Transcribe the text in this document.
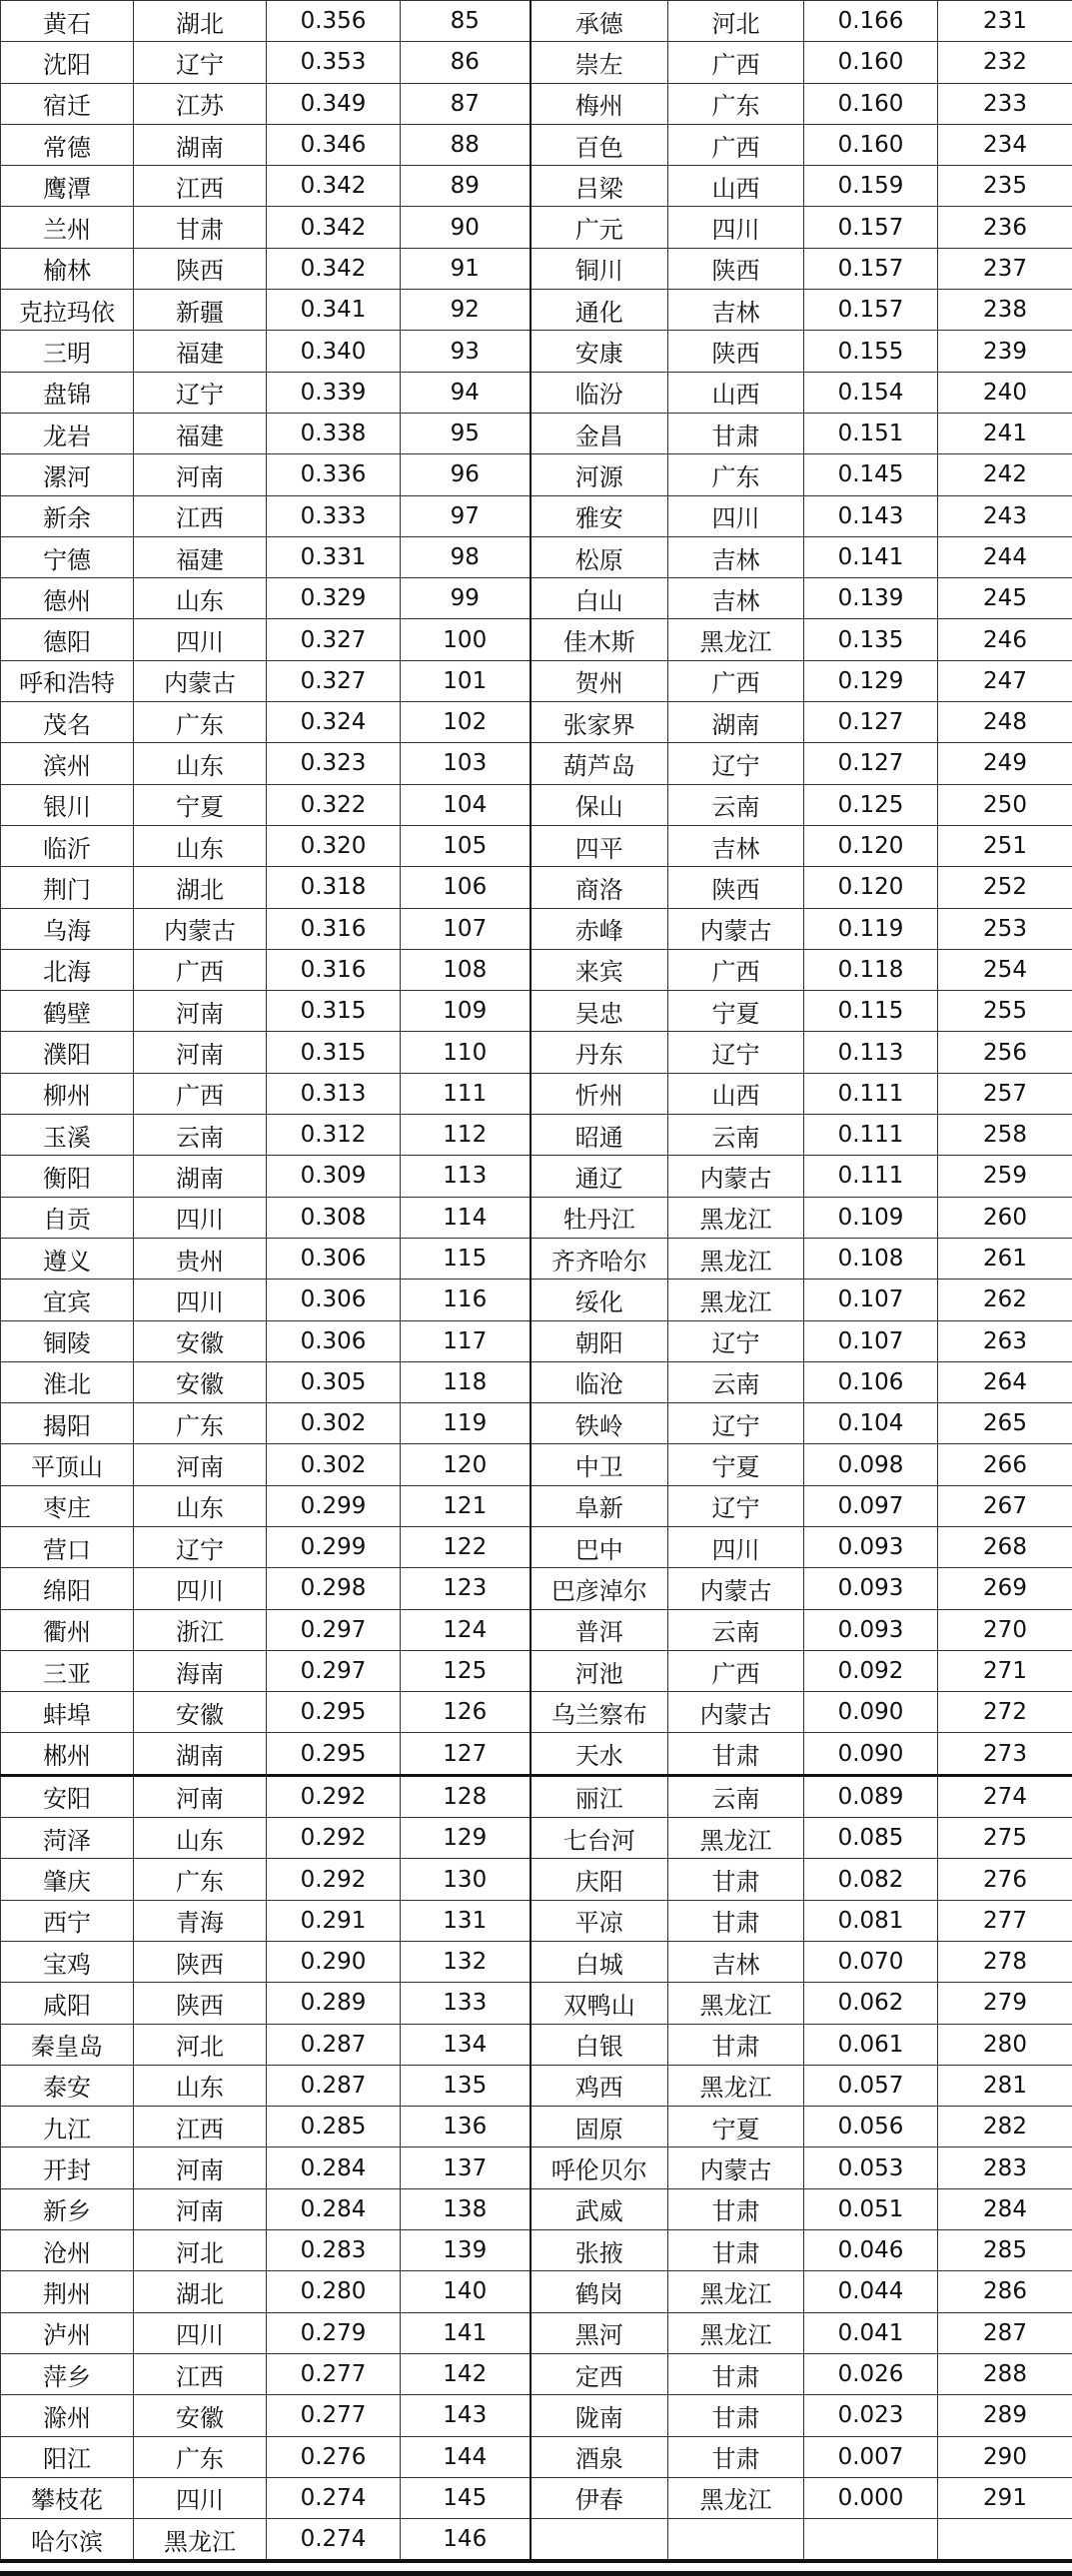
黄石	湖北	0.356	85	承德	河北	0.166	231
沈阳	辽宁	0.353	86	崇左	广西	0.160	232
宿迁	江苏	0.349	87	梅州	广东	0.160	233
常德	湖南	0.346	88	百色	广西	0.160	234
鹰潭	江西	0.342	89	吕梁	山西	0.159	235
兰州	甘肃	0.342	90	广元	四川	0.157	236
榆林	陕西	0.342	91	铜川	陕西	0.157	237
克拉玛依	新疆	0.341	92	通化	吉林	0.157	238
三明	福建	0.340	93	安康	陕西	0.155	239
盘锦	辽宁	0.339	94	临汾	山西	0.154	240
龙岩	福建	0.338	95	金昌	甘肃	0.151	241
漯河	河南	0.336	96	河源	广东	0.145	242
新余	江西	0.333	97	雅安	四川	0.143	243
宁德	福建	0.331	98	松原	吉林	0.141	244
德州	山东	0.329	99	白山	吉林	0.139	245
德阳	四川	0.327	100	佳木斯	黑龙江	0.135	246
呼和浩特	内蒙古	0.327	101	贺州	广西	0.129	247
茂名	广东	0.324	102	张家界	湖南	0.127	248
滨州	山东	0.323	103	葫芦岛	辽宁	0.127	249
银川	宁夏	0.322	104	保山	云南	0.125	250
临沂	山东	0.320	105	四平	吉林	0.120	251
荆门	湖北	0.318	106	商洛	陕西	0.120	252
乌海	内蒙古	0.316	107	赤峰	内蒙古	0.119	253
北海	广西	0.316	108	来宾	广西	0.118	254
鹤壁	河南	0.315	109	吴忠	宁夏	0.115	255
濮阳	河南	0.315	110	丹东	辽宁	0.113	256
柳州	广西	0.313	111	忻州	山西	0.111	257
玉溪	云南	0.312	112	昭通	云南	0.111	258
衡阳	湖南	0.309	113	通辽	内蒙古	0.111	259
自贡	四川	0.308	114	牡丹江	黑龙江	0.109	260
遵义	贵州	0.306	115	齐齐哈尔	黑龙江	0.108	261
宜宾	四川	0.306	116	绥化	黑龙江	0.107	262
铜陵	安徽	0.306	117	朝阳	辽宁	0.107	263
淮北	安徽	0.305	118	临沧	云南	0.106	264
揭阳	广东	0.302	119	铁岭	辽宁	0.104	265
平顶山	河南	0.302	120	中卫	宁夏	0.098	266
枣庄	山东	0.299	121	阜新	辽宁	0.097	267
营口	辽宁	0.299	122	巴中	四川	0.093	268
绵阳	四川	0.298	123	巴彦淖尔	内蒙古	0.093	269
衢州	浙江	0.297	124	普洱	云南	0.093	270
三亚	海南	0.297	125	河池	广西	0.092	271
蚌埠	安徽	0.295	126	乌兰察布	内蒙古	0.090	272
郴州	湖南	0.295	127	天水	甘肃	0.090	273
安阳	河南	0.292	128	丽江	云南	0.089	274
菏泽	山东	0.292	129	七台河	黑龙江	0.085	275
肇庆	广东	0.292	130	庆阳	甘肃	0.082	276
西宁	青海	0.291	131	平凉	甘肃	0.081	277
宝鸡	陕西	0.290	132	白城	吉林	0.070	278
咸阳	陕西	0.289	133	双鸭山	黑龙江	0.062	279
秦皇岛	河北	0.287	134	白银	甘肃	0.061	280
泰安	山东	0.287	135	鸡西	黑龙江	0.057	281
九江	江西	0.285	136	固原	宁夏	0.056	282
开封	河南	0.284	137	呼伦贝尔	内蒙古	0.053	283
新乡	河南	0.284	138	武威	甘肃	0.051	284
沧州	河北	0.283	139	张掖	甘肃	0.046	285
荆州	湖北	0.280	140	鹤岗	黑龙江	0.044	286
泸州	四川	0.279	141	黑河	黑龙江	0.041	287
萍乡	江西	0.277	142	定西	甘肃	0.026	288
滁州	安徽	0.277	143	陇南	甘肃	0.023	289
阳江	广东	0.276	144	酒泉	甘肃	0.007	290
攀枝花	四川	0.274	145	伊春	黑龙江	0.000	291
哈尔滨	黑龙江	0.274	146				
